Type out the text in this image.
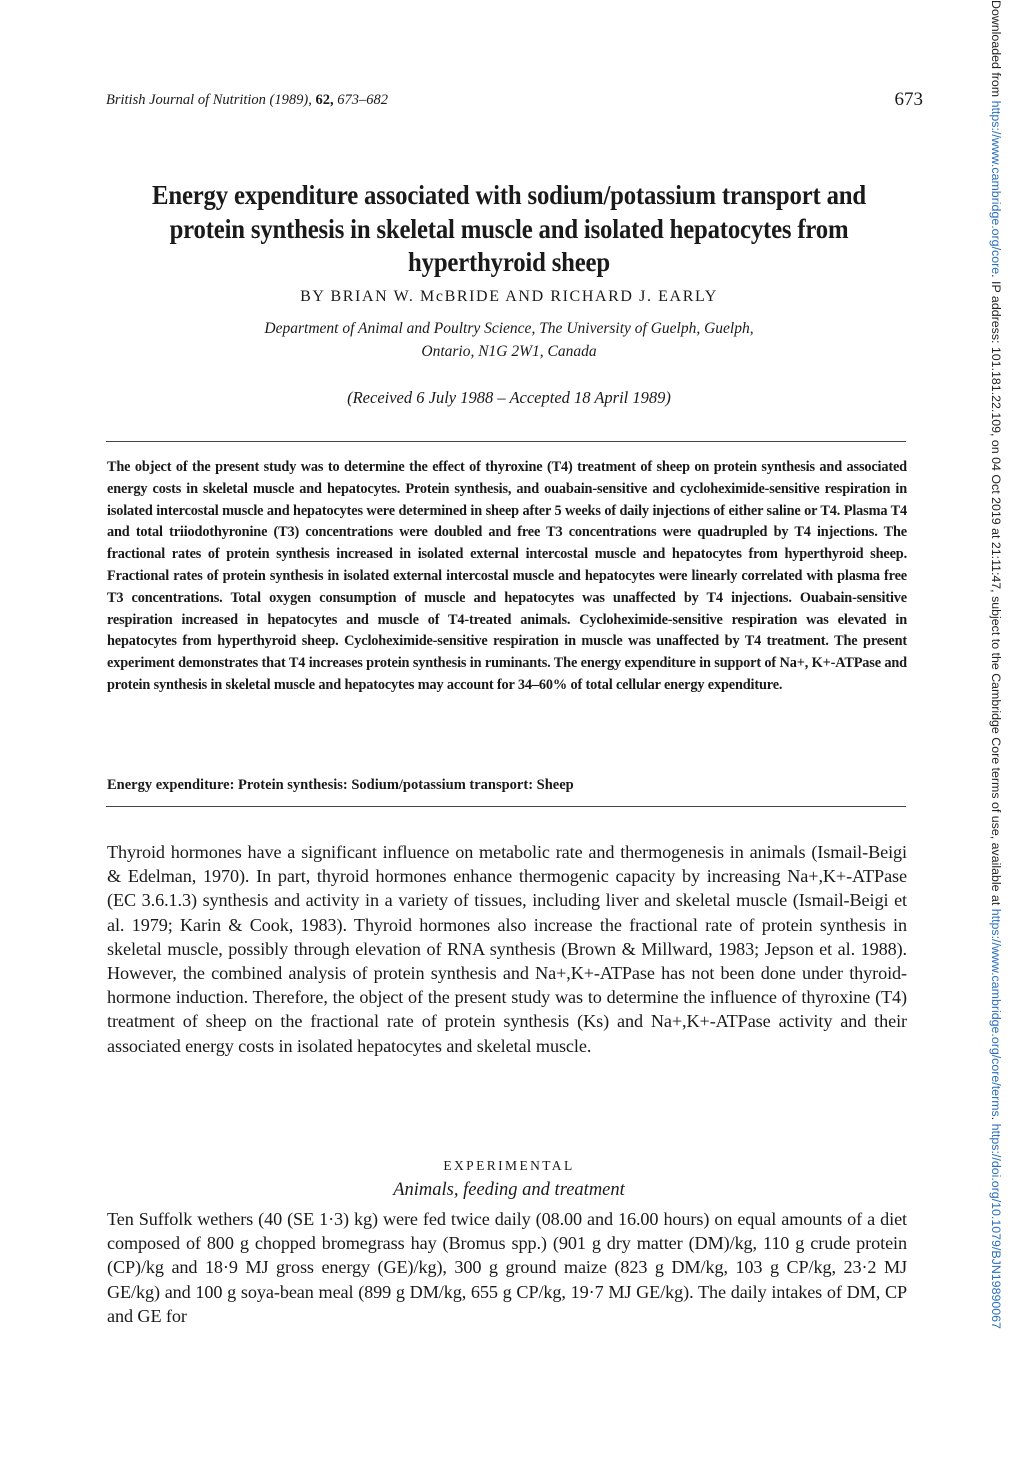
British Journal of Nutrition (1989), 62, 673–682	673
Energy expenditure associated with sodium/potassium transport and protein synthesis in skeletal muscle and isolated hepatocytes from hyperthyroid sheep
BY BRIAN W. McBRIDE AND RICHARD J. EARLY
Department of Animal and Poultry Science, The University of Guelph, Guelph,
Ontario, N1G 2W1, Canada
(Received 6 July 1988 – Accepted 18 April 1989)
The object of the present study was to determine the effect of thyroxine (T4) treatment of sheep on protein synthesis and associated energy costs in skeletal muscle and hepatocytes. Protein synthesis, and ouabain-sensitive and cycloheximide-sensitive respiration in isolated intercostal muscle and hepatocytes were determined in sheep after 5 weeks of daily injections of either saline or T4. Plasma T4 and total triiodothyronine (T3) concentrations were doubled and free T3 concentrations were quadrupled by T4 injections. The fractional rates of protein synthesis increased in isolated external intercostal muscle and hepatocytes from hyperthyroid sheep. Fractional rates of protein synthesis in isolated external intercostal muscle and hepatocytes were linearly correlated with plasma free T3 concentrations. Total oxygen consumption of muscle and hepatocytes was unaffected by T4 injections. Ouabain-sensitive respiration increased in hepatocytes and muscle of T4-treated animals. Cycloheximide-sensitive respiration was elevated in hepatocytes from hyperthyroid sheep. Cycloheximide-sensitive respiration in muscle was unaffected by T4 treatment. The present experiment demonstrates that T4 increases protein synthesis in ruminants. The energy expenditure in support of Na+, K+-ATPase and protein synthesis in skeletal muscle and hepatocytes may account for 34–60% of total cellular energy expenditure.
Energy expenditure: Protein synthesis: Sodium/potassium transport: Sheep
Thyroid hormones have a significant influence on metabolic rate and thermogenesis in animals (Ismail-Beigi & Edelman, 1970). In part, thyroid hormones enhance thermogenic capacity by increasing Na+,K+-ATPase (EC 3.6.1.3) synthesis and activity in a variety of tissues, including liver and skeletal muscle (Ismail-Beigi et al. 1979; Karin & Cook, 1983). Thyroid hormones also increase the fractional rate of protein synthesis in skeletal muscle, possibly through elevation of RNA synthesis (Brown & Millward, 1983; Jepson et al. 1988). However, the combined analysis of protein synthesis and Na+,K+-ATPase has not been done under thyroid-hormone induction. Therefore, the object of the present study was to determine the influence of thyroxine (T4) treatment of sheep on the fractional rate of protein synthesis (Ks) and Na+,K+-ATPase activity and their associated energy costs in isolated hepatocytes and skeletal muscle.
EXPERIMENTAL
Animals, feeding and treatment
Ten Suffolk wethers (40 (SE 1·3) kg) were fed twice daily (08.00 and 16.00 hours) on equal amounts of a diet composed of 800 g chopped bromegrass hay (Bromus spp.) (901 g dry matter (DM)/kg, 110 g crude protein (CP)/kg and 18·9 MJ gross energy (GE)/kg), 300 g ground maize (823 g DM/kg, 103 g CP/kg, 23·2 MJ GE/kg) and 100 g soya-bean meal (899 g DM/kg, 655 g CP/kg, 19·7 MJ GE/kg). The daily intakes of DM, CP and GE for
Downloaded from https://www.cambridge.org/core. IP address: 101.181.22.109, on 04 Oct 2019 at 21:11:47, subject to the Cambridge Core terms of use, available at https://www.cambridge.org/core/terms. https://doi.org/10.1079/BJN19890067
